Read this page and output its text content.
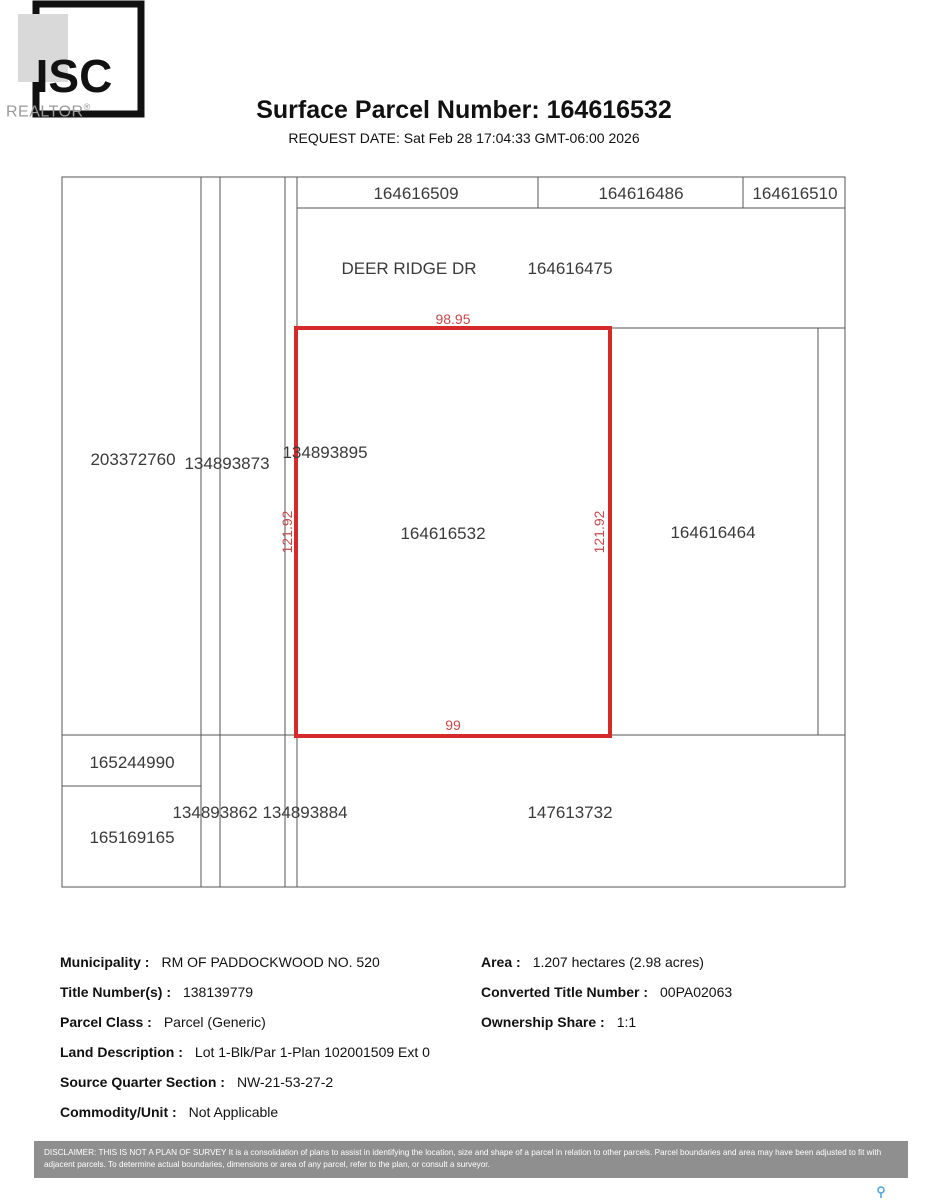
ISC
REALTOR®	Surface Parcel Number: 164616532
REQUEST DATE: Sat Feb 28 17:04:33 GMT-06:00 2026
164616509	164616486	164616510
DEER RIDGE DR	164616475
98.95
203372760 134893873
134893895
121.92	164616532	121.92	164616464
99
165244990
134893862 134893884	147613732
165169165
Municipality : RM OF PADDOCKWOOD NO. 520
Title Number(s) : 138139779
Parcel Class : Parcel (Generic)
Land Description : Lot 1-Blk/Par 1-Plan 102001509 Ext 0
Source Quarter Section : NW-21-53-27-2
Commodity/Unit : Not Applicable
Area : 1.207 hectares (2.98 acres)
Converted Title Number : 00PA02063
Ownership Share : 1:1
DISCLAIMER: THIS IS NOT A PLAN OF SURVEY It is a consolidation of plans to assist in identifying the location, size and shape of a parcel in relation to other parcels. Parcel boundaries and area may have been adjusted to fit with adjacent parcels. To determine actual boundaries, dimensions or area of any parcel, refer to the plan, or consult a surveyor.
